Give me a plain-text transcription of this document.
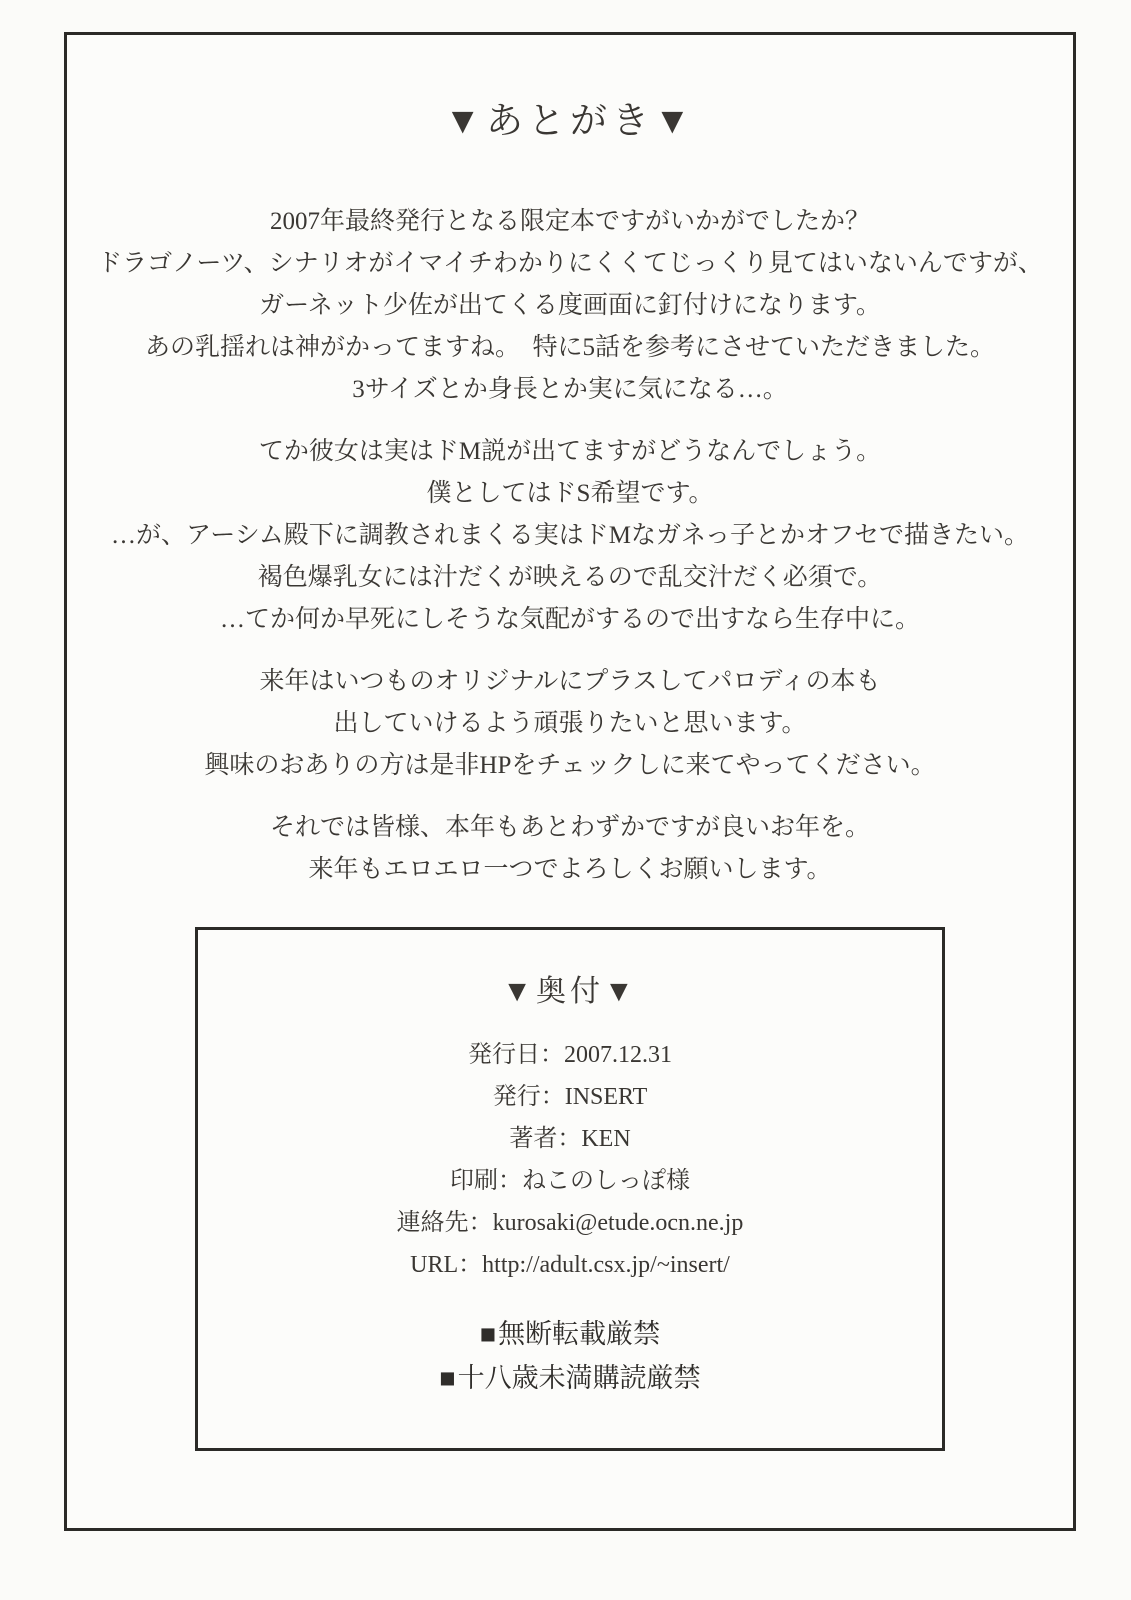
▼あとがき▼

2007年最終発行となる限定本ですがいかがでしたか？
ドラゴノーツ、シナリオがイマイチわかりにくくてじっくり見てはいないんですが、
ガーネット少佐が出てくる度画面に釘付けになります。
あの乳揺れは神がかってますね。　特に5話を参考にさせていただきました。
3サイズとか身長とか実に気になる…。

てか彼女は実はドM説が出てますがどうなんでしょう。
僕としてはドS希望です。
…が、アーシム殿下に調教されまくる実はドMなガネっ子とかオフセで描きたい。
褐色爆乳女には汁だくが映えるので乱交汁だく必須で。
…てか何か早死にしそうな気配がするので出すなら生存中に。

来年はいつものオリジナルにプラスしてパロディの本も
出していけるよう頑張りたいと思います。
興味のおありの方は是非HPをチェックしに来てやってください。

それでは皆様、本年もあとわずかですが良いお年を。
来年もエロエロ一つでよろしくお願いします。

▼奥付▼
発行日：2007.12.31
発行：INSERT
著者：KEN
印刷：ねこのしっぽ様
連絡先：kurosaki@etude.ocn.ne.jp
URL：http://adult.csx.jp/~insert/
■無断転載厳禁
■十八歳未満購読厳禁
